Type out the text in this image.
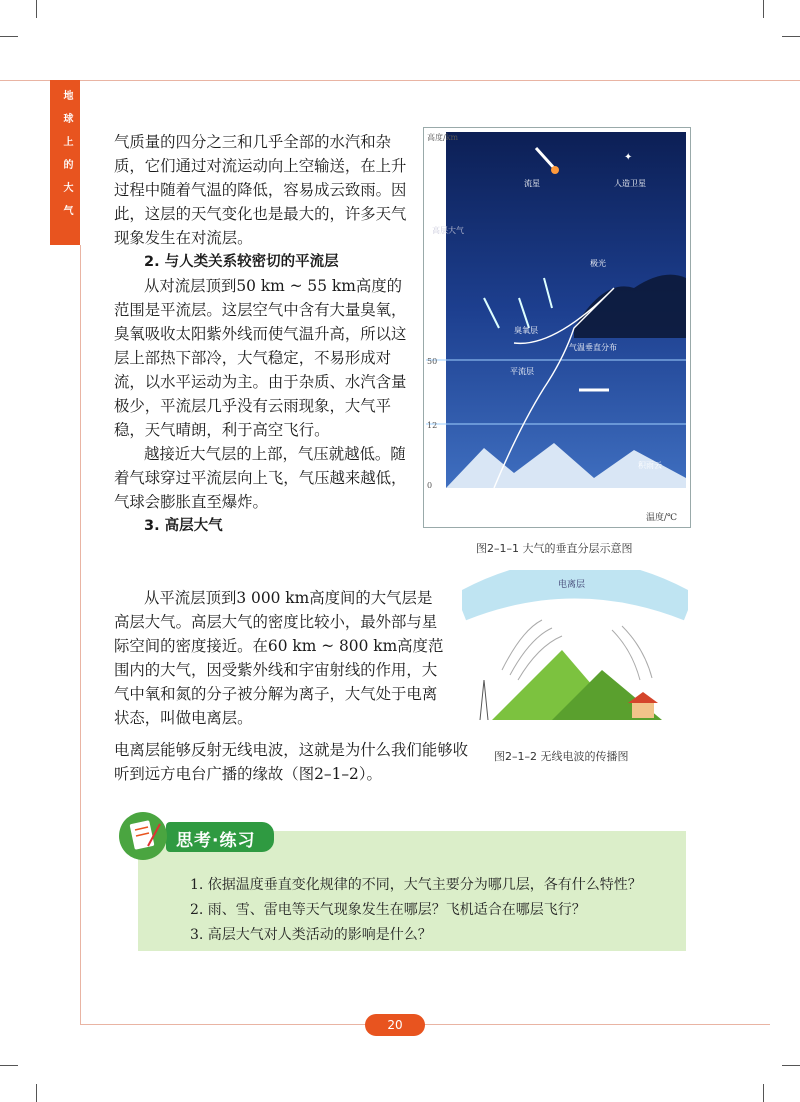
地球上的大气	气质量的四分之三和几乎全部的水汽和杂质，它们通过对流运动向上空输送，在上升过程中随着气温的降低，容易成云致雨。因此，这层的天气变化也是最大的，许多天气现象发生在对流层。

2. 与人类关系较密切的平流层

从对流层顶到50 km ~ 55 km高度的范围是平流层。这层空气中含有大量臭氧，臭氧吸收太阳紫外线而使气温升高，所以这层上部热下部冷，大气稳定，不易形成对流，以水平运动为主。由于杂质、水汽含量极少，平流层几乎没有云雨现象，大气平稳，天气晴朗，利于高空飞行。

越接近大气层的上部，气压就越低。随着气球穿过平流层向上飞，气压越来越低，气球会膨胀直至爆炸。

3. 高层大气

从平流层顶到3 000 km高度间的大气层是高层大气。高层大气的密度比较小，最外部与星际空间的密度接近。在60 km ~ 800 km高度范围内的大气，因受紫外线和宇宙射线的作用，大气中氧和氮的分子被分解为离子，大气处于电离状态，叫做电离层。

电离层能够反射无线电波，这就是为什么我们能够收听到远方电台广播的缘故（图2–1–2）。

✦
高度/km
流星	人造卫星
高层大气
极光
臭氧层
气温垂直分布
平流层
积雨云
50
12
0
温度/℃
图2–1–1 大气的垂直分层示意图
电离层
图2–1–2 无线电波的传播图
1. 依据温度垂直变化规律的不同，大气主要分为哪几层，各有什么特性？
2. 雨、雪、雷电等天气现象发生在哪层？飞机适合在哪层飞行？
3. 高层大气对人类活动的影响是什么？
思考·练习
20
